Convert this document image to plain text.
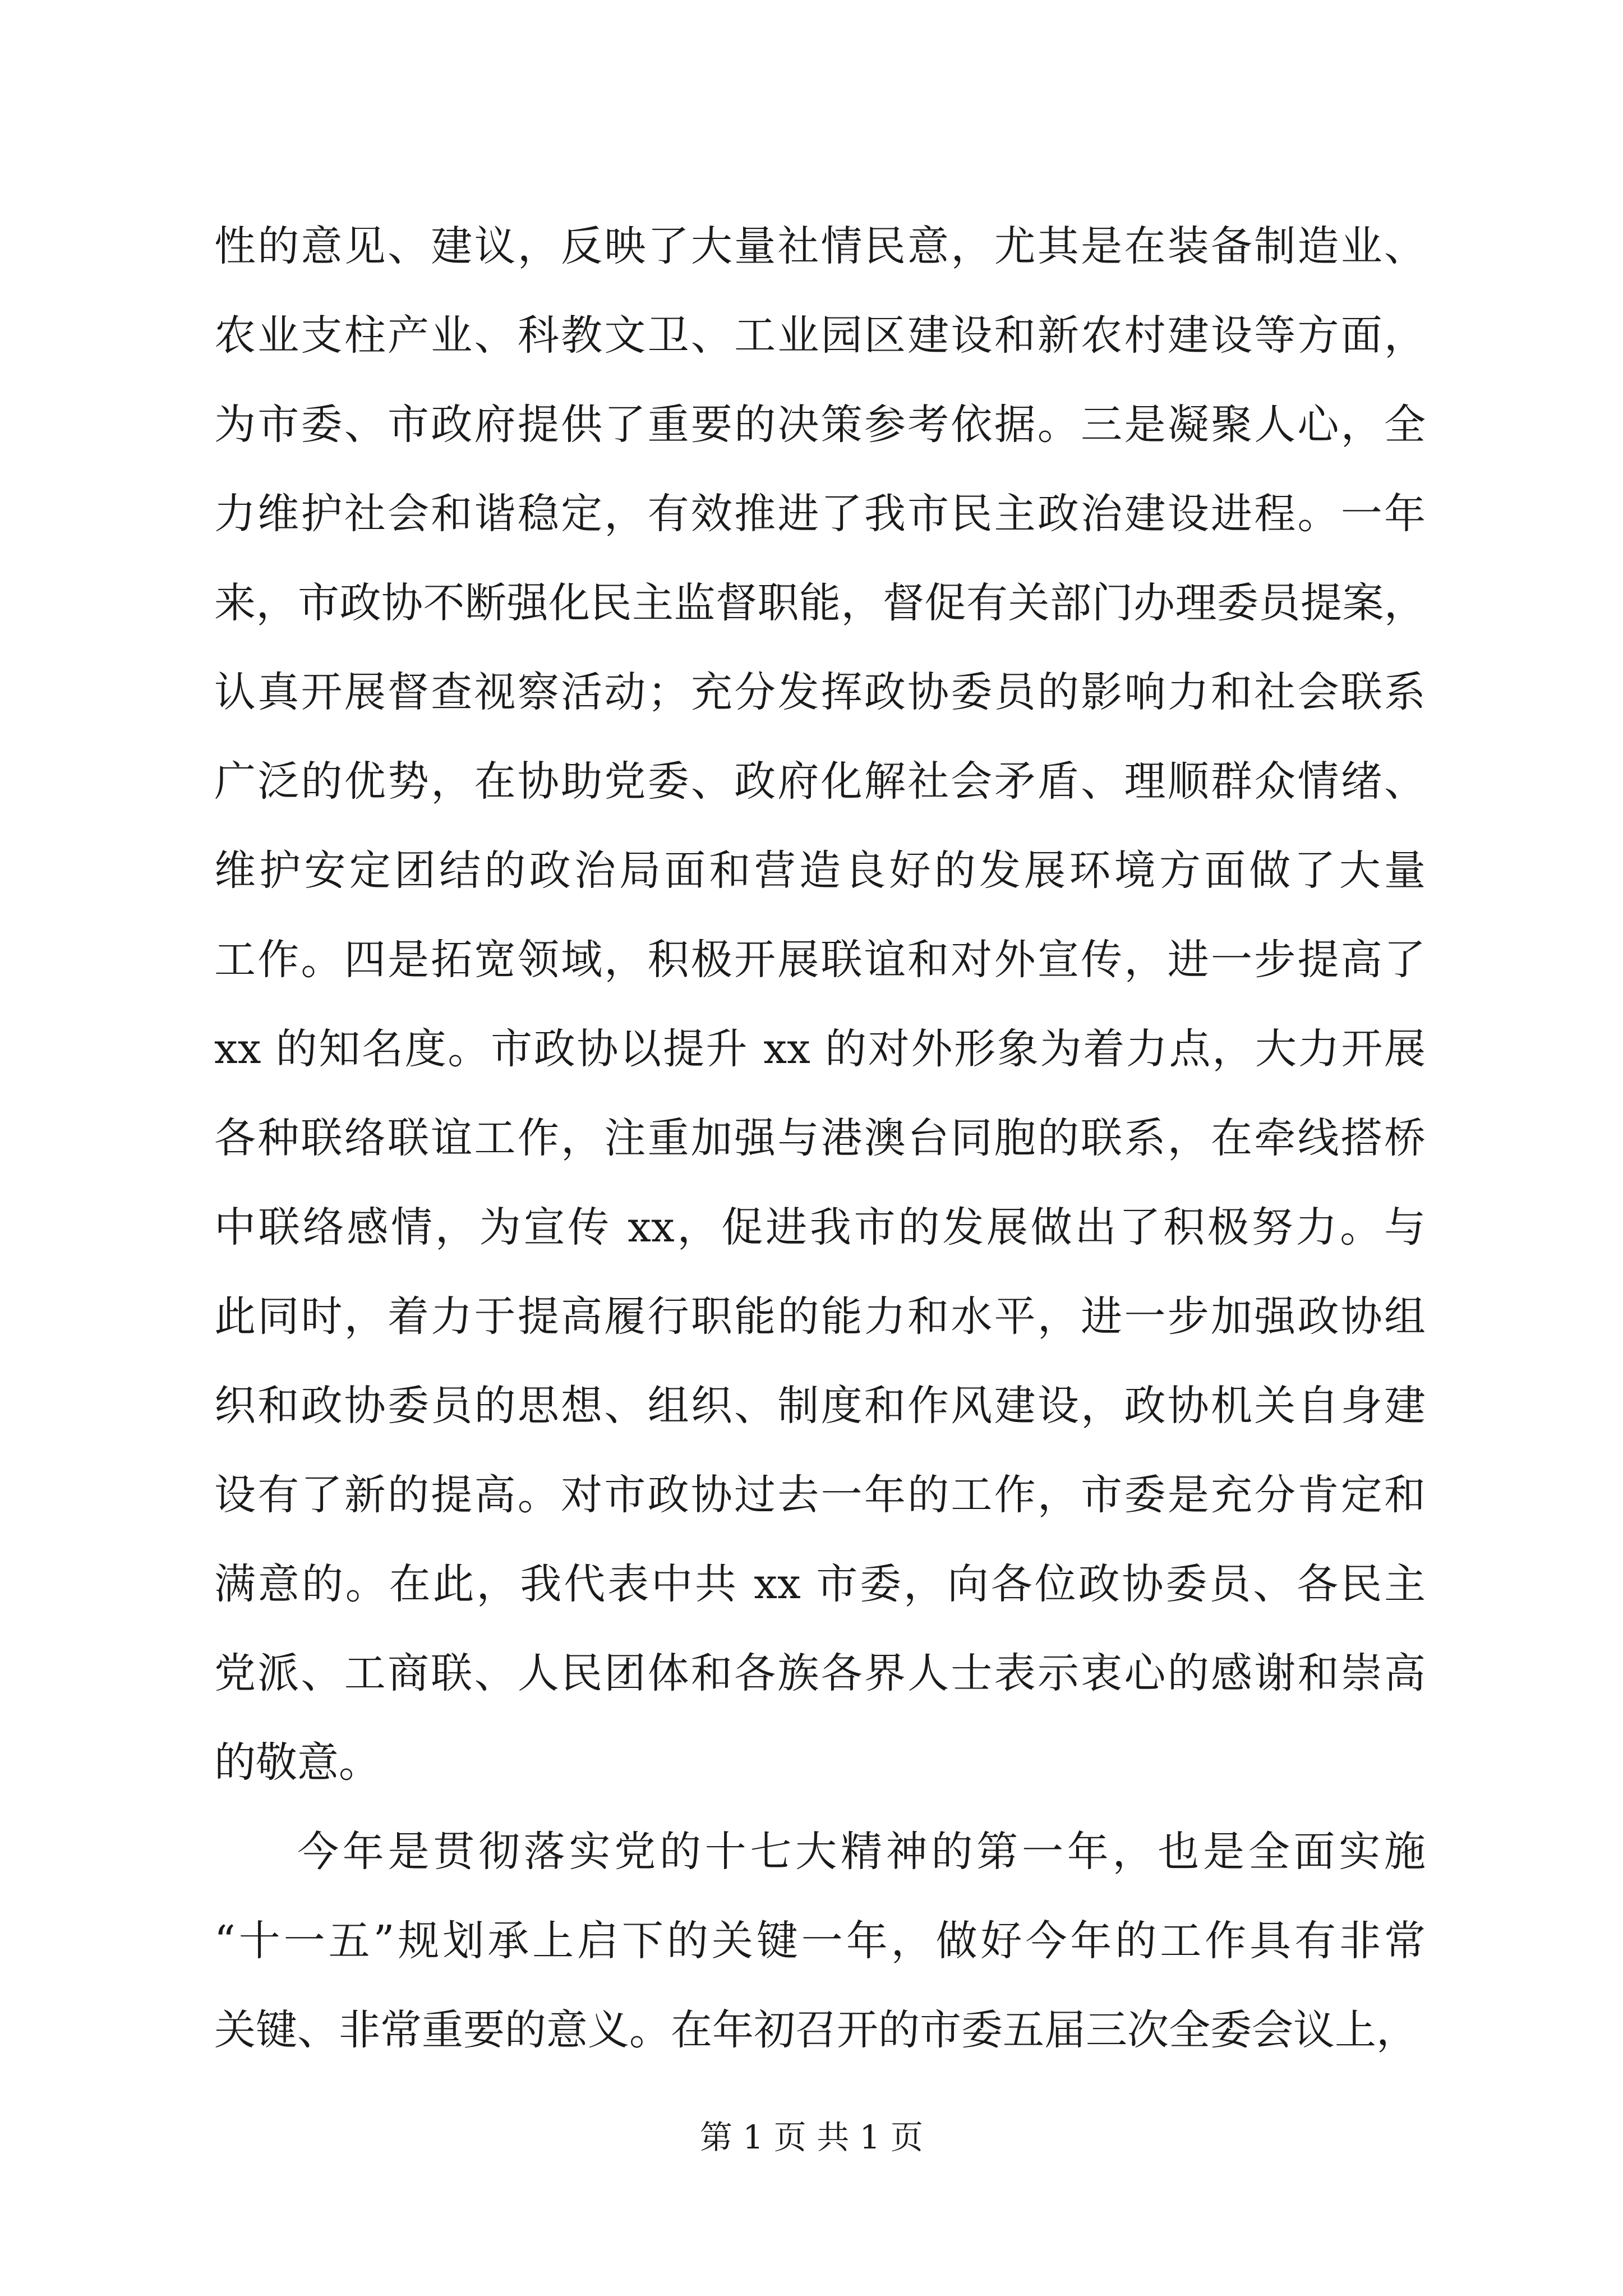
性的意见、建议，反映了大量社情民意，尤其是在装备制造业、
农业支柱产业、科教文卫、工业园区建设和新农村建设等方面，
为市委、市政府提供了重要的决策参考依据。三是凝聚人心，全
力维护社会和谐稳定，有效推进了我市民主政治建设进程。一年
来，市政协不断强化民主监督职能，督促有关部门办理委员提案，
认真开展督查视察活动；充分发挥政协委员的影响力和社会联系
广泛的优势，在协助党委、政府化解社会矛盾、理顺群众情绪、
维护安定团结的政治局面和营造良好的发展环境方面做了大量
工作。四是拓宽领域，积极开展联谊和对外宣传，进一步提高了
xx 的知名度。市政协以提升 xx 的对外形象为着力点，大力开展
各种联络联谊工作，注重加强与港澳台同胞的联系，在牵线搭桥
中联络感情，为宣传 xx，促进我市的发展做出了积极努力。与
此同时，着力于提高履行职能的能力和水平，进一步加强政协组
织和政协委员的思想、组织、制度和作风建设，政协机关自身建
设有了新的提高。对市政协过去一年的工作，市委是充分肯定和
满意的。在此，我代表中共 xx 市委，向各位政协委员、各民主
党派、工商联、人民团体和各族各界人士表示衷心的感谢和崇高
的敬意。
今年是贯彻落实党的十七大精神的第一年，也是全面实施
“十一五”规划承上启下的关键一年，做好今年的工作具有非常
关键、非常重要的意义。在年初召开的市委五届三次全委会议上，
第 1 页 共 1 页
